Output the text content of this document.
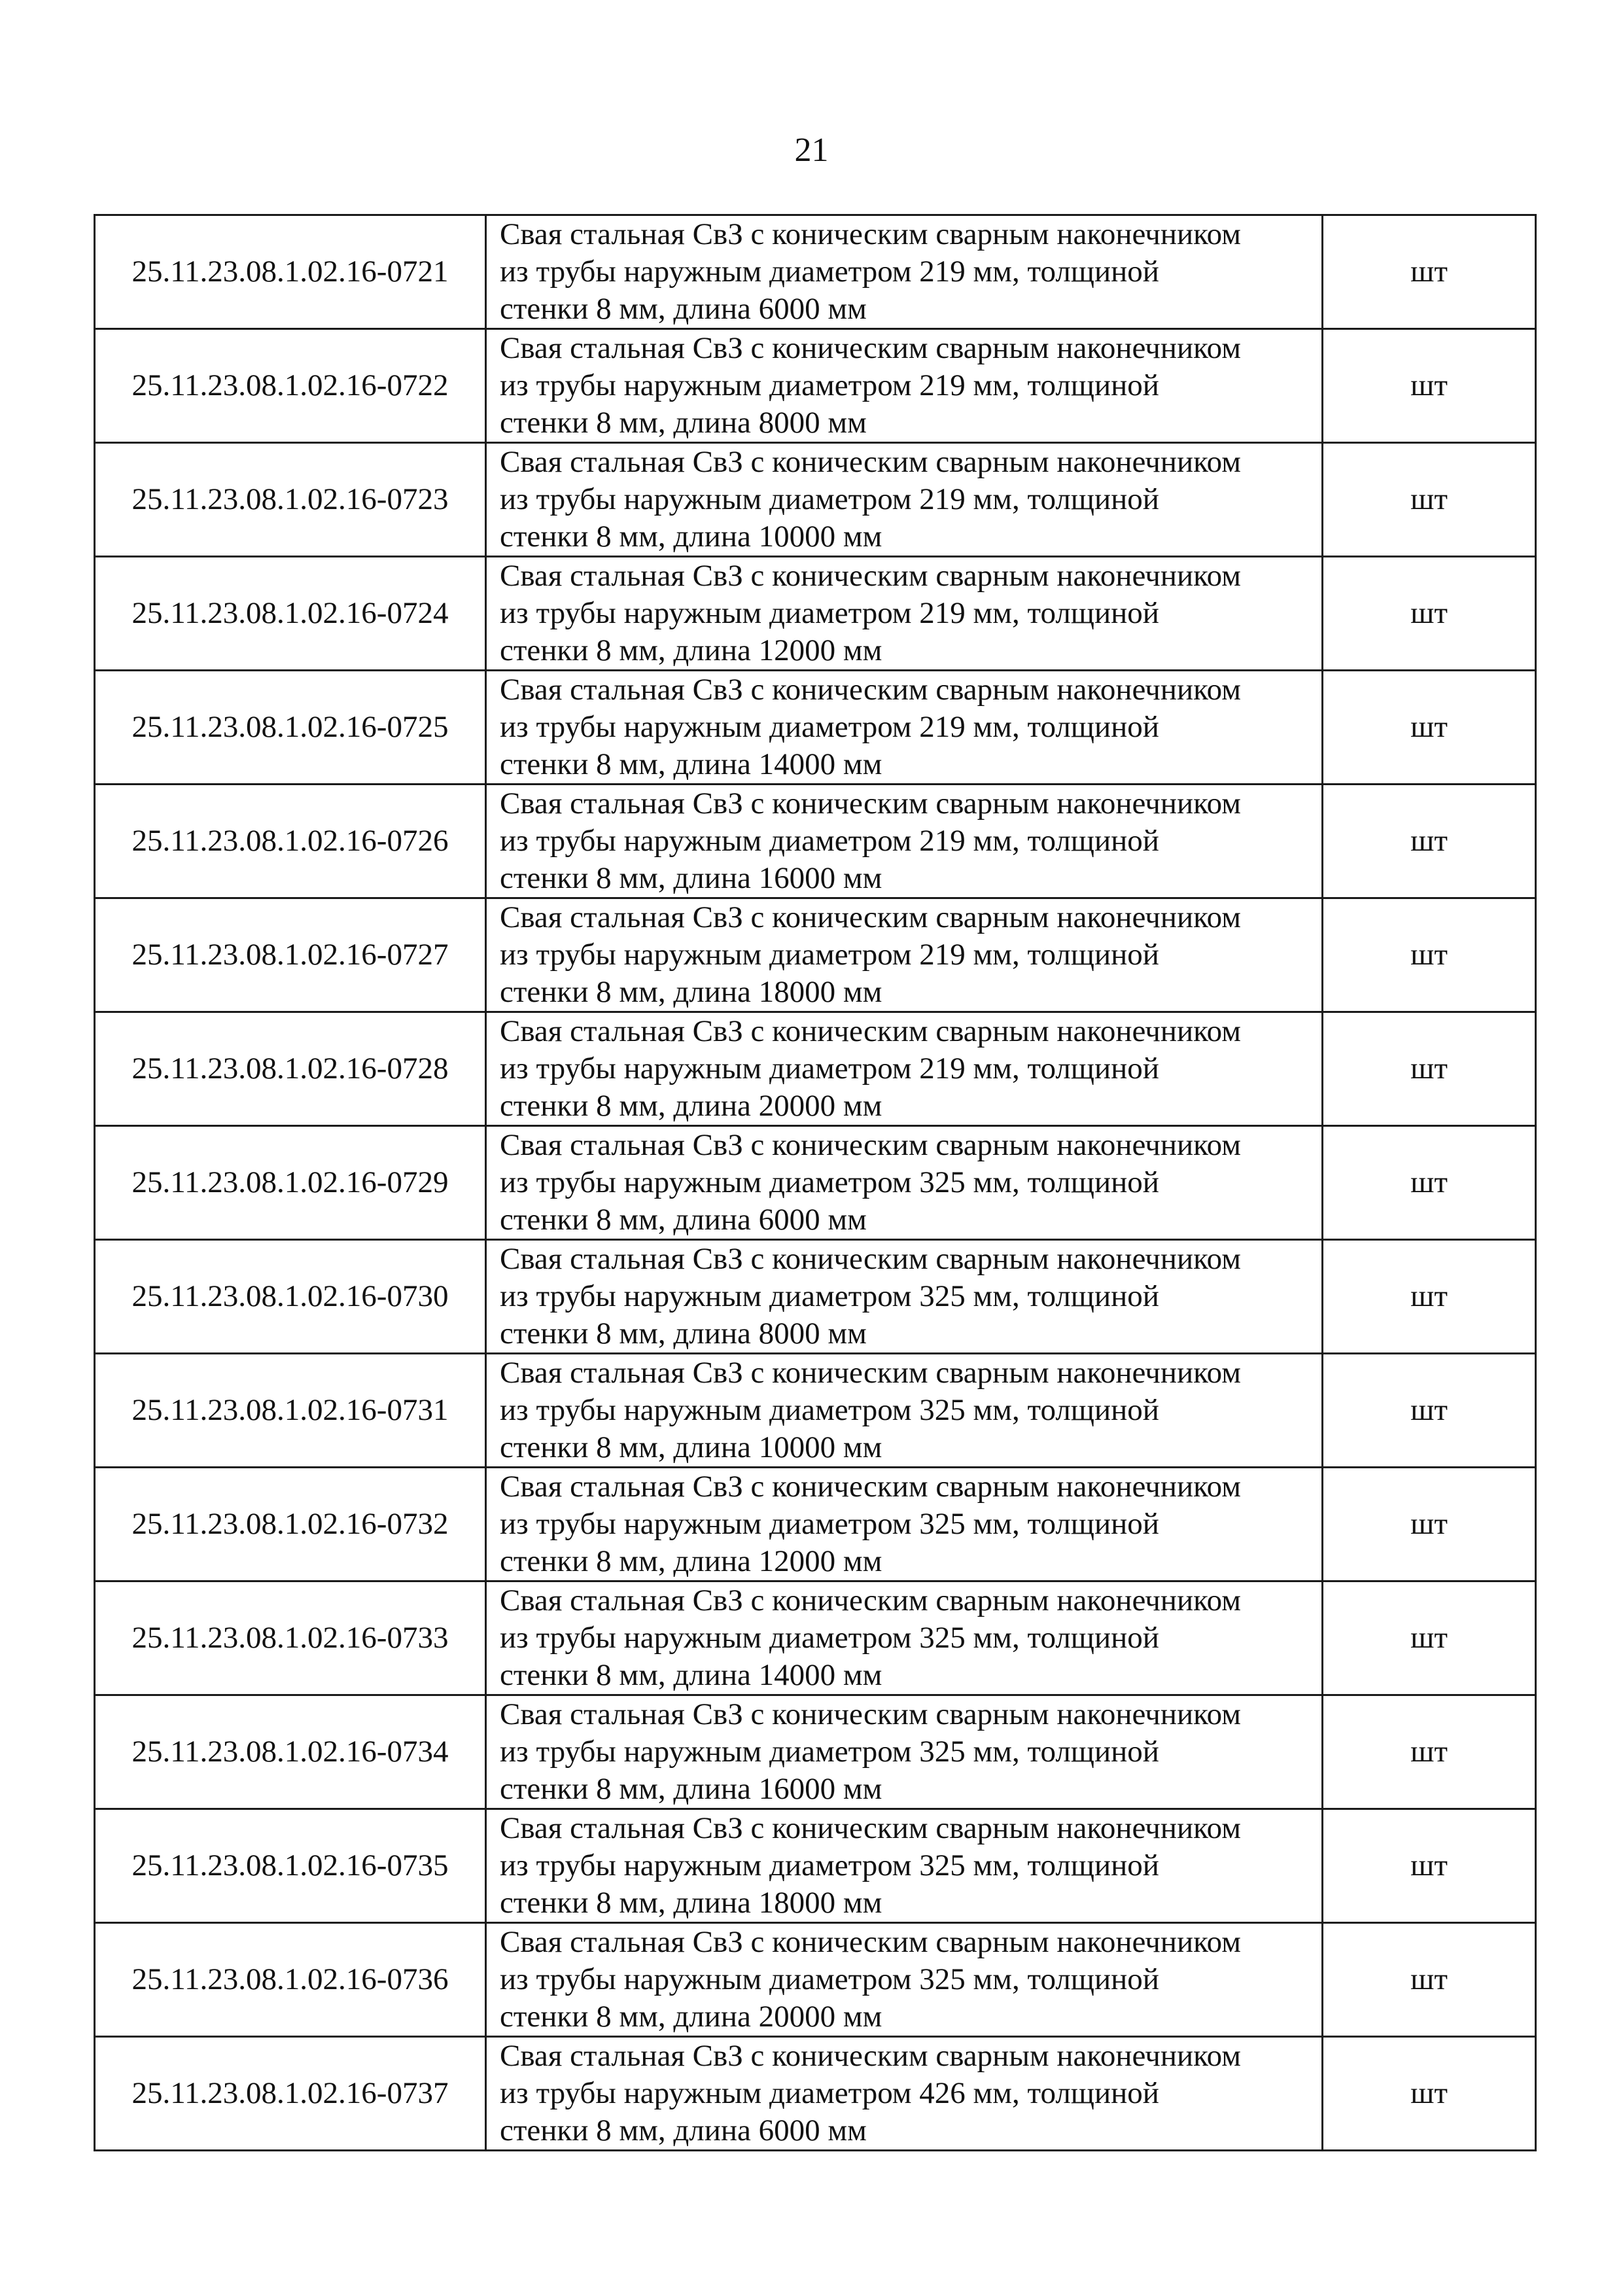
21
25.11.23.08.1.02.16-0721	Свая стальная СвЗ с коническим сварным наконечником
из трубы наружным диаметром 219 мм, толщиной
стенки 8 мм, длина 6000 мм	шт
25.11.23.08.1.02.16-0722	Свая стальная СвЗ с коническим сварным наконечником
из трубы наружным диаметром 219 мм, толщиной
стенки 8 мм, длина 8000 мм	шт
25.11.23.08.1.02.16-0723	Свая стальная СвЗ с коническим сварным наконечником
из трубы наружным диаметром 219 мм, толщиной
стенки 8 мм, длина 10000 мм	шт
25.11.23.08.1.02.16-0724	Свая стальная СвЗ с коническим сварным наконечником
из трубы наружным диаметром 219 мм, толщиной
стенки 8 мм, длина 12000 мм	шт
25.11.23.08.1.02.16-0725	Свая стальная СвЗ с коническим сварным наконечником
из трубы наружным диаметром 219 мм, толщиной
стенки 8 мм, длина 14000 мм	шт
25.11.23.08.1.02.16-0726	Свая стальная СвЗ с коническим сварным наконечником
из трубы наружным диаметром 219 мм, толщиной
стенки 8 мм, длина 16000 мм	шт
25.11.23.08.1.02.16-0727	Свая стальная СвЗ с коническим сварным наконечником
из трубы наружным диаметром 219 мм, толщиной
стенки 8 мм, длина 18000 мм	шт
25.11.23.08.1.02.16-0728	Свая стальная СвЗ с коническим сварным наконечником
из трубы наружным диаметром 219 мм, толщиной
стенки 8 мм, длина 20000 мм	шт
25.11.23.08.1.02.16-0729	Свая стальная СвЗ с коническим сварным наконечником
из трубы наружным диаметром 325 мм, толщиной
стенки 8 мм, длина 6000 мм	шт
25.11.23.08.1.02.16-0730	Свая стальная СвЗ с коническим сварным наконечником
из трубы наружным диаметром 325 мм, толщиной
стенки 8 мм, длина 8000 мм	шт
25.11.23.08.1.02.16-0731	Свая стальная СвЗ с коническим сварным наконечником
из трубы наружным диаметром 325 мм, толщиной
стенки 8 мм, длина 10000 мм	шт
25.11.23.08.1.02.16-0732	Свая стальная СвЗ с коническим сварным наконечником
из трубы наружным диаметром 325 мм, толщиной
стенки 8 мм, длина 12000 мм	шт
25.11.23.08.1.02.16-0733	Свая стальная СвЗ с коническим сварным наконечником
из трубы наружным диаметром 325 мм, толщиной
стенки 8 мм, длина 14000 мм	шт
25.11.23.08.1.02.16-0734	Свая стальная СвЗ с коническим сварным наконечником
из трубы наружным диаметром 325 мм, толщиной
стенки 8 мм, длина 16000 мм	шт
25.11.23.08.1.02.16-0735	Свая стальная СвЗ с коническим сварным наконечником
из трубы наружным диаметром 325 мм, толщиной
стенки 8 мм, длина 18000 мм	шт
25.11.23.08.1.02.16-0736	Свая стальная СвЗ с коническим сварным наконечником
из трубы наружным диаметром 325 мм, толщиной
стенки 8 мм, длина 20000 мм	шт
25.11.23.08.1.02.16-0737	Свая стальная СвЗ с коническим сварным наконечником
из трубы наружным диаметром 426 мм, толщиной
стенки 8 мм, длина 6000 мм	шт
